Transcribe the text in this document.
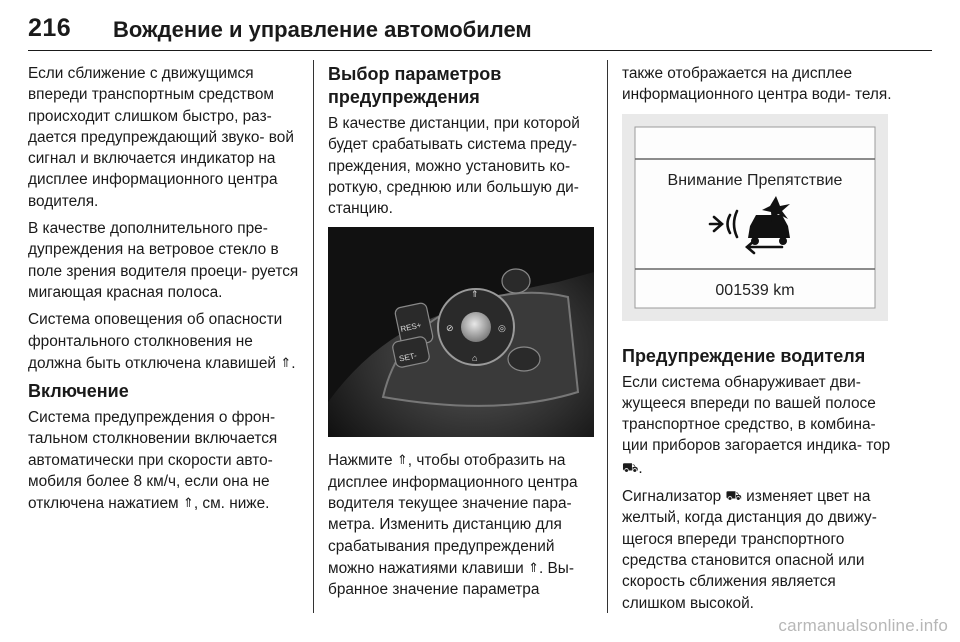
216 Вождение и управление автомобилем

Если сближение с движущимся впереди транспортным средством происходит слишком быстро, раз- дается предупреждающий звуко- вой сигнал и включается индикатор на дисплее информационного центра водителя.

В качестве дополнительного пре- дупреждения на ветровое стекло в поле зрения водителя проеци- руется мигающая красная полоса.

Система оповещения об опасности фронтального столкновения не должна быть отключена клавишей ⇑.

Включение

Система предупреждения о фрон- тальном столкновении включается автоматически при скорости авто- мобиля более 8 км/ч, если она не отключена нажатием ⇑, см. ниже.

Выбор параметров предупреждения

В качестве дистанции, при которой будет срабатывать система преду- преждения, можно установить ко- роткую, среднюю или большую ди- станцию.

RES+
SET-
⇑
⊘	◎
⌂

Нажмите ⇑, чтобы отобразить на дисплее информационного центра водителя текущее значение пара- метра. Изменить дистанцию для срабатывания предупреждений можно нажатиями клавиши ⇑. Вы- бранное значение параметра

также отображается на дисплее информационного центра води- теля.

Внимание Препятствие
001539 km
Предупреждение водителя

Если система обнаруживает дви- жущееся впереди по вашей полосе транспортное средство, в комбина- ции приборов загорается индика- тор ⛟.

Сигнализатор ⛟ изменяет цвет на желтый, когда дистанция до движу- щегося впереди транспортного средства становится опасной или скорость сближения является слишком высокой.

carmanualsonline.info
